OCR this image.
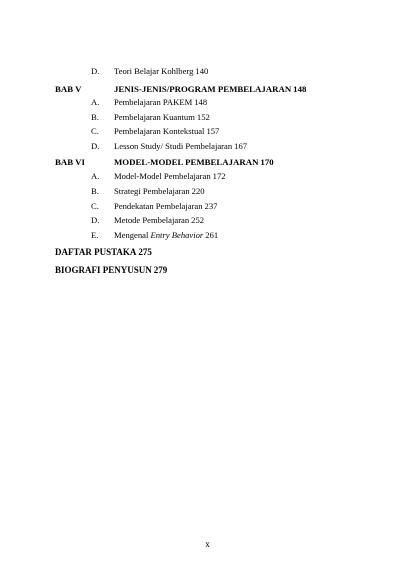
D. Teori Belajar Kohlberg 140
BAB V	JENIS-JENIS/PROGRAM PEMBELAJARAN 148
A. Pembelajaran PAKEM 148
B. Pembelajaran Kuantum 152
C. Pembelajaran Kontekstual 157
D. Lesson Study/ Studi Pembelajaran 167
BAB VI	MODEL-MODEL PEMBELAJARAN 170
A. Model-Model Pembelajaran 172
B. Strategi Pembelajaran 220
C. Pendekatan Pembelajaran 237
D. Metode Pembelajaran 252
E. Mengenal Entry Behavior 261
DAFTAR PUSTAKA 275
BIOGRAFI PENYUSUN 279
x
